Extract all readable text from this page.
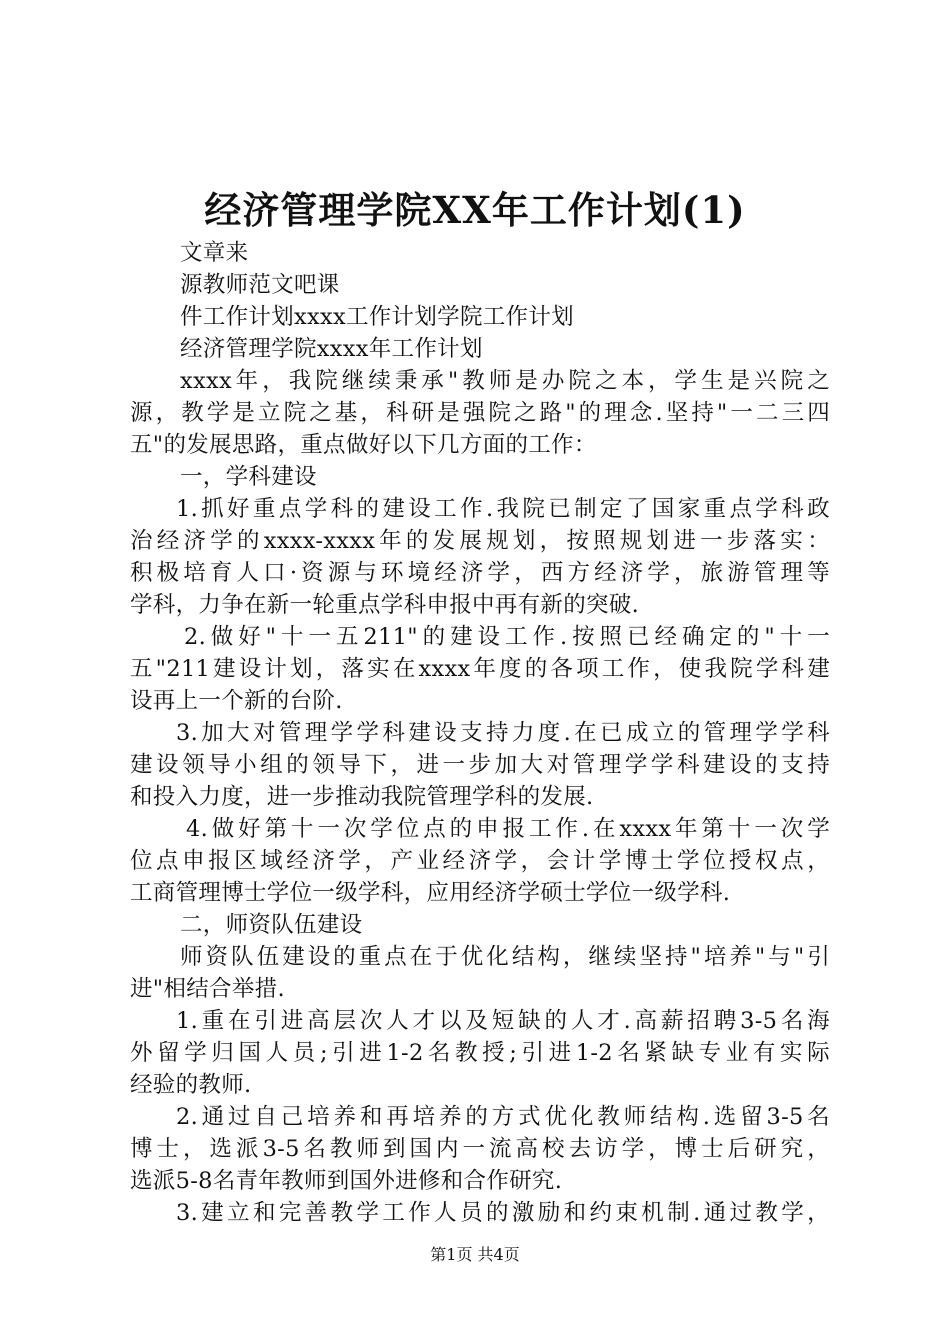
经济管理学院XX年工作计划(1)
文章来
源教师范文吧课
件工作计划xxxx工作计划学院工作计划
经济管理学院xxxx年工作计划
xxxx年，我院继续秉承"教师是办院之本，学生是兴院之
源，教学是立院之基，科研是强院之路"的理念.坚持"一二三四
五"的发展思路，重点做好以下几方面的工作：
一，学科建设
1.抓好重点学科的建设工作.我院已制定了国家重点学科政
治经济学的xxxx-xxxx年的发展规划，按照规划进一步落实：
积极培育人口·资源与环境经济学，西方经济学，旅游管理等
学科，力争在新一轮重点学科申报中再有新的突破.
2.做好"十一五211"的建设工作.按照已经确定的"十一
五"211建设计划，落实在xxxx年度的各项工作，使我院学科建
设再上一个新的台阶.
3.加大对管理学学科建设支持力度.在已成立的管理学学科
建设领导小组的领导下，进一步加大对管理学学科建设的支持
和投入力度，进一步推动我院管理学科的发展.
4.做好第十一次学位点的申报工作.在xxxx年第十一次学
位点申报区域经济学，产业经济学，会计学博士学位授权点，
工商管理博士学位一级学科，应用经济学硕士学位一级学科.
二，师资队伍建设
师资队伍建设的重点在于优化结构，继续坚持"培养"与"引
进"相结合举措.
1.重在引进高层次人才以及短缺的人才.高薪招聘3-5名海
外留学归国人员;引进1-2名教授;引进1-2名紧缺专业有实际
经验的教师.
2.通过自己培养和再培养的方式优化教师结构.选留3-5名
博士，选派3-5名教师到国内一流高校去访学，博士后研究，
选派5-8名青年教师到国外进修和合作研究.
3.建立和完善教学工作人员的激励和约束机制.通过教学，
第1页 共4页
